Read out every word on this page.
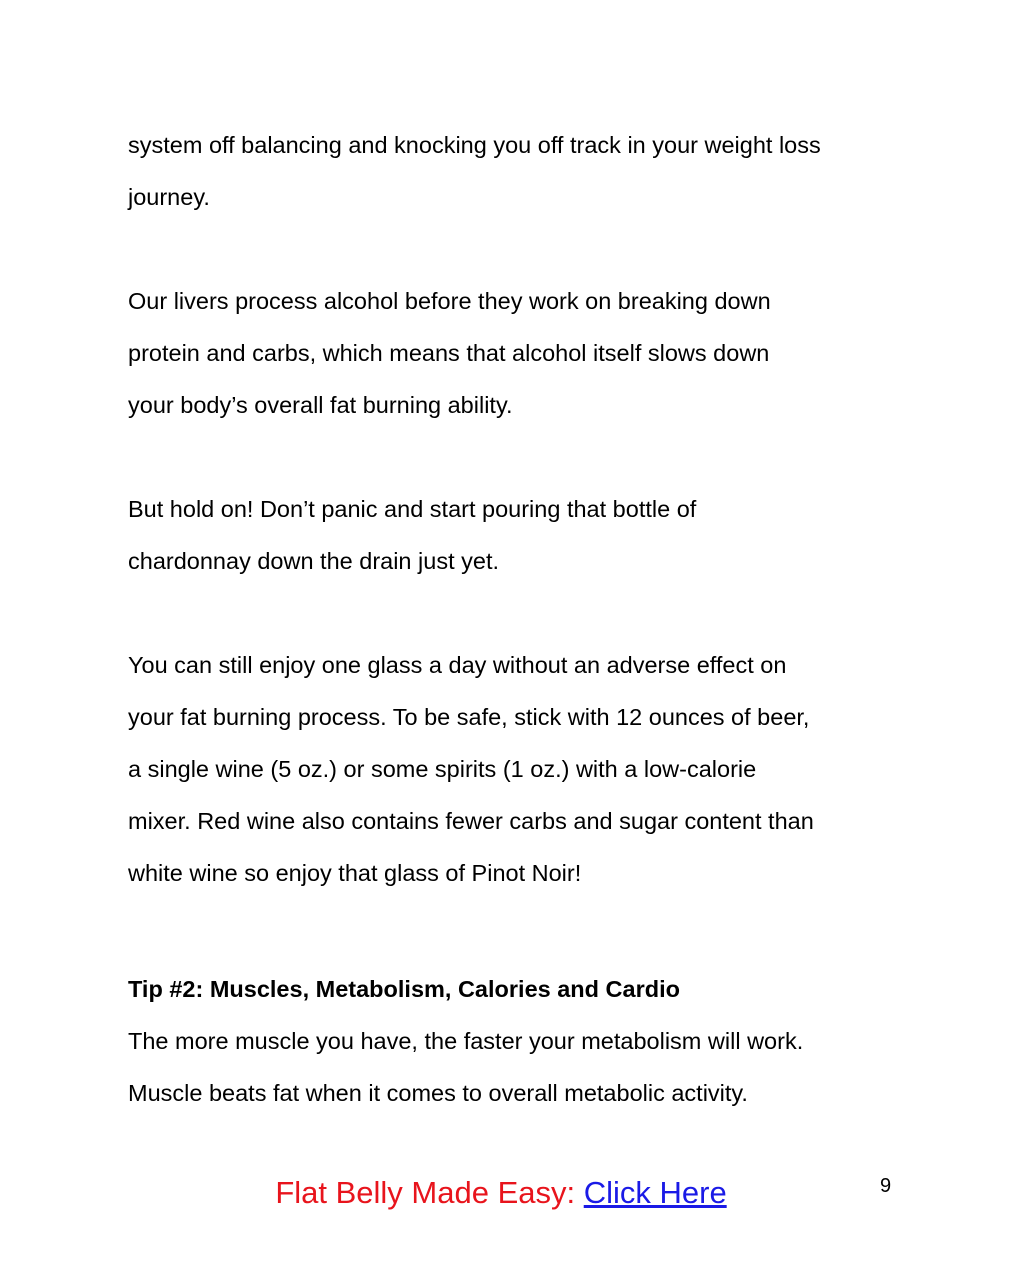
system off balancing and knocking you off track in your weight loss
journey.
Our livers process alcohol before they work on breaking down
protein and carbs, which means that alcohol itself slows down
your body’s overall fat burning ability.
But hold on! Don’t panic and start pouring that bottle of
chardonnay down the drain just yet.
You can still enjoy one glass a day without an adverse effect on
your fat burning process. To be safe, stick with 12 ounces of beer,
a single wine (5 oz.) or some spirits (1 oz.) with a low-calorie
mixer. Red wine also contains fewer carbs and sugar content than
white wine so enjoy that glass of Pinot Noir!
Tip #2: Muscles, Metabolism, Calories and Cardio
The more muscle you have, the faster your metabolism will work.
Muscle beats fat when it comes to overall metabolic activity.
Flat Belly Made Easy: Click Here	9
